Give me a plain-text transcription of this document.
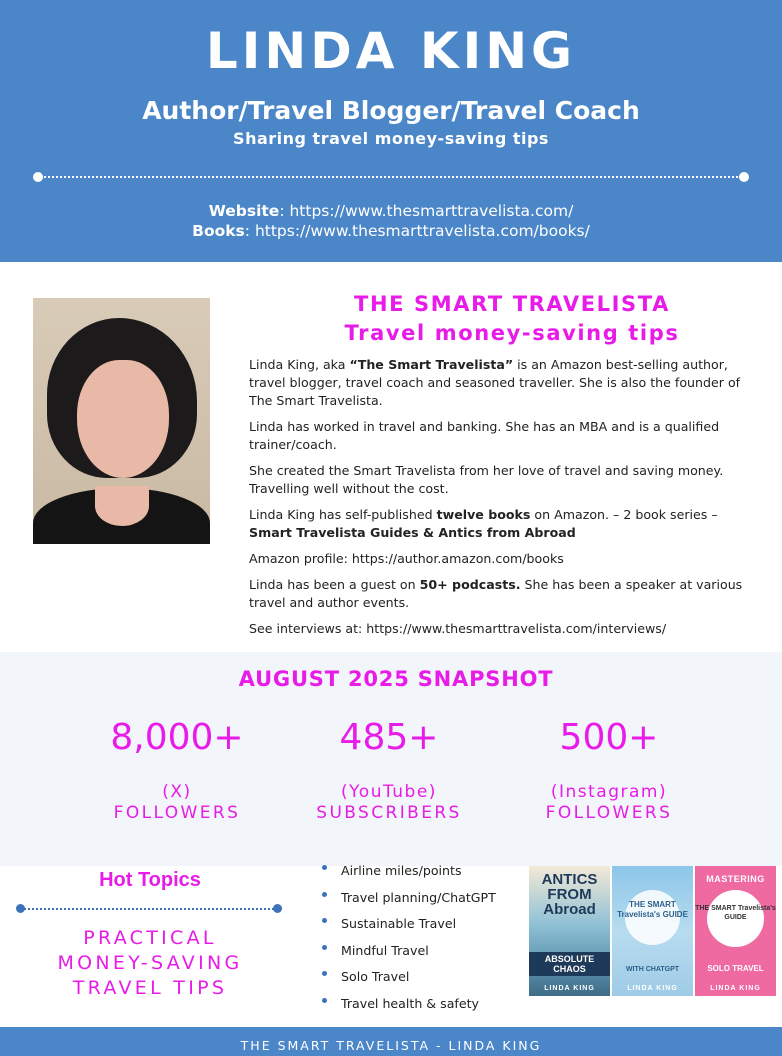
LINDA KING
Author/Travel Blogger/Travel Coach
Sharing travel money-saving tips
Website: https://www.thesmarttravelista.com/
Books: https://www.thesmarttravelista.com/books/
THE SMART TRAVELISTA
Travel money-saving tips

Linda King, aka “The Smart Travelista” is an Amazon best-selling author, travel blogger, travel coach and seasoned traveller. She is also the founder of The Smart Travelista.

Linda has worked in travel and banking. She has an MBA and is a qualified trainer/coach.

She created the Smart Travelista from her love of travel and saving money. Travelling well without the cost.

Linda King has self-published twelve books on Amazon. – 2 book series – Smart Travelista Guides & Antics from Abroad

Amazon profile: https://author.amazon.com/books

Linda has been a guest on 50+ podcasts. She has been a speaker at various travel and author events.

See interviews at: https://www.thesmarttravelista.com/interviews/

AUGUST 2025 SNAPSHOT
8,000+
(X)
FOLLOWERS
485+
(YouTube)
SUBSCRIBERS
500+
(Instagram)
FOLLOWERS
Hot Topics
PRACTICAL
MONEY-SAVING
TRAVEL TIPS
Airline miles/points
Travel planning/ChatGPT
Sustainable Travel
Mindful Travel
Solo Travel
Travel health & safety
ANTICS FROM Abroad
ABSOLUTE CHAOS
LINDA KING
THE SMART Travelista's GUIDE
WITH CHATGPT
LINDA KING
MASTERING
THE SMART Travelista's GUIDE
SOLO TRAVEL
LINDA KING
THE SMART TRAVELISTA - LINDA KING
